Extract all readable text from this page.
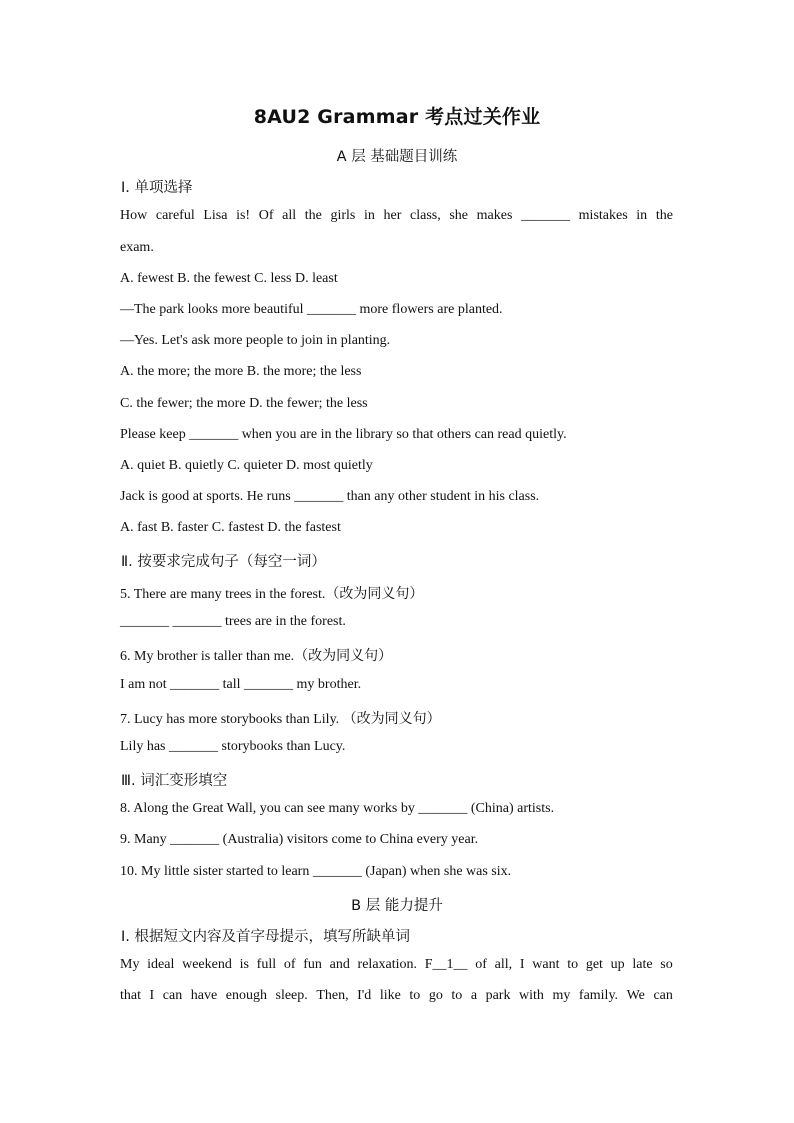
8AU2 Grammar 考点过关作业
A 层 基础题目训练
Ⅰ. 单项选择
How careful Lisa is! Of all the girls in her class, she makes _______ mistakes in the
exam.
A. fewest B. the fewest C. less D. least
—The park looks more beautiful _______ more flowers are planted.
—Yes. Let's ask more people to join in planting.
A. the more; the more B. the more; the less
C. the fewer; the more D. the fewer; the less
Please keep _______ when you are in the library so that others can read quietly.
A. quiet B. quietly C. quieter D. most quietly
Jack is good at sports. He runs _______ than any other student in his class.
A. fast B. faster C. fastest D. the fastest
Ⅱ. 按要求完成句子（每空一词）
5. There are many trees in the forest.（改为同义句）
_______ _______ trees are in the forest.
6. My brother is taller than me.（改为同义句）
I am not _______ tall _______ my brother.
7. Lucy has more storybooks than Lily. （改为同义句）
Lily has _______ storybooks than Lucy.
Ⅲ. 词汇变形填空
8. Along the Great Wall, you can see many works by _______ (China) artists.
9. Many _______ (Australia) visitors come to China every year.
10. My little sister started to learn _______ (Japan) when she was six.
B 层 能力提升
Ⅰ. 根据短文内容及首字母提示，填写所缺单词
My ideal weekend is full of fun and relaxation. F__1__ of all, I want to get up late so
that I can have enough sleep. Then, I'd like to go to a park with my family. We can
